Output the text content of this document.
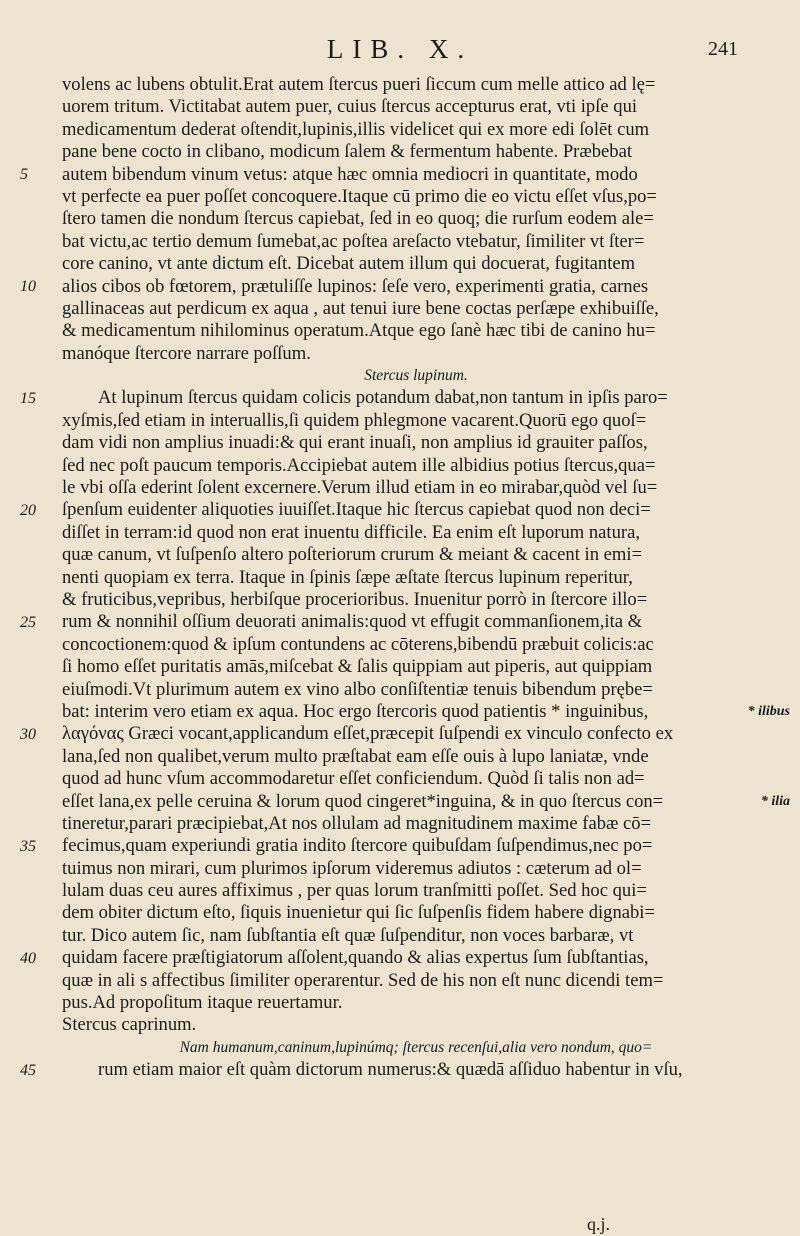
LIB. X.	241
volens ac lubens obtulit.Erat autem ſtercus pueri ſiccum cum melle attico ad lę=
uorem tritum. Victitabat autem puer, cuius ſtercus accepturus erat, vti ipſe qui
medicamentum dederat oſtendit,lupinis,illis videlicet qui ex more edi ſolēt cum
pane bene cocto in clibano, modicum ſalem & fermentum habente. Præbebat
autem bibendum vinum vetus: atque hæc omnia mediocri in quantitate, modo
vt perfecte ea puer poſſet concoquere.Itaque cū primo die eo victu eſſet vſus,po=
ſtero tamen die nondum ſtercus capiebat, ſed in eo quoq; die rurſum eodem ale=
bat victu,ac tertio demum ſumebat,ac poſtea areſacto vtebatur, ſimiliter vt ſter=
core canino, vt ante dictum eſt. Dicebat autem illum qui docuerat, fugitantem
alios cibos ob fœtorem, prætuliſſe lupinos: ſeſe vero, experimenti gratia, carnes
gallinaceas aut perdicum ex aqua , aut tenui iure bene coctas perſæpe exhibuiſſe,
& medicamentum nihilominus operatum.Atque ego ſanè hæc tibi de canino hu=
manóque ſtercore narrare poſſum.
Stercus lupinum.
At lupinum ſtercus quidam colicis potandum dabat,non tantum in ipſis paro=
xyſmis,ſed etiam in interuallis,ſi quidem phlegmone vacarent.Quorū ego quoſ=
dam vidi non amplius inuadi:& qui erant inuaſi, non amplius id grauiter paſſos,
ſed nec poſt paucum temporis.Accipiebat autem ille albidius potius ſtercus,qua=
le vbi oſſa ederint ſolent excernere.Verum illud etiam in eo mirabar,quòd vel ſu=
ſpenſum euidenter aliquoties iuuiſſet.Itaque hic ſtercus capiebat quod non deci=
diſſet in terram:id quod non erat inuentu difficile. Ea enim eſt luporum natura,
quæ canum, vt ſuſpenſo altero poſteriorum crurum & meiant & cacent in emi=
nenti quopiam ex terra. Itaque in ſpinis ſæpe æſtate ſtercus lupinum reperitur,
& fruticibus,vepribus, herbiſque procerioribus. Inuenitur porrò in ſtercore illo=
rum & nonnihil oſſium deuorati animalis:quod vt effugit commanſionem,ita &
concoctionem:quod & ipſum contundens ac cōterens,bibendū præbuit colicis:ac
ſi homo eſſet puritatis amās,miſcebat & ſalis quippiam aut piperis, aut quippiam
eiuſmodi.Vt plurimum autem ex vino albo conſiſtentiæ tenuis bibendum prębe=
bat: interim vero etiam ex aqua. Hoc ergo ſtercoris quod patientis * inguinibus,
λαγόνας Græci vocant,applicandum eſſet,præcepit ſuſpendi ex vinculo confecto ex
lana,ſed non qualibet,verum multo præſtabat eam eſſe ouis à lupo laniatæ, vnde
quod ad hunc vſum accommodaretur eſſet conficiendum. Quòd ſi talis non ad=
eſſet lana,ex pelle ceruina & lorum quod cingeret*inguina, & in quo ſtercus con=
tineretur,parari præcipiebat,At nos ollulam ad magnitudinem maxime fabæ cō=
fecimus,quam experiundi gratia indito ſtercore quibuſdam ſuſpendimus,nec po=
tuimus non mirari, cum plurimos ipſorum videremus adiutos : cæterum ad ol=
lulam duas ceu aures affiximus , per quas lorum tranſmitti poſſet. Sed hoc qui=
dem obiter dictum eſto, ſiquis inuenietur qui ſic ſuſpenſis fidem habere dignabi=
tur. Dico autem ſic, nam ſubſtantia eſt quæ ſuſpenditur, non voces barbaræ, vt
quidam facere præſtigiatorum aſſolent,quando & alias expertus ſum ſubſtantias,
quæ in ali s affectibus ſimiliter operarentur. Sed de his non eſt nunc dicendi tem=
pus.Ad propoſitum itaque reuertamur.
Stercus caprinum.
Nam humanum,caninum,lupinúmq; ſtercus recenſui,alia vero nondum, quo=
rum etiam maior eſt quàm dictorum numerus:& quædā aſſiduo habentur in vſu,
5
10
15
20
25
30
35
40
45
* ilibus
* ilia
q.j.
